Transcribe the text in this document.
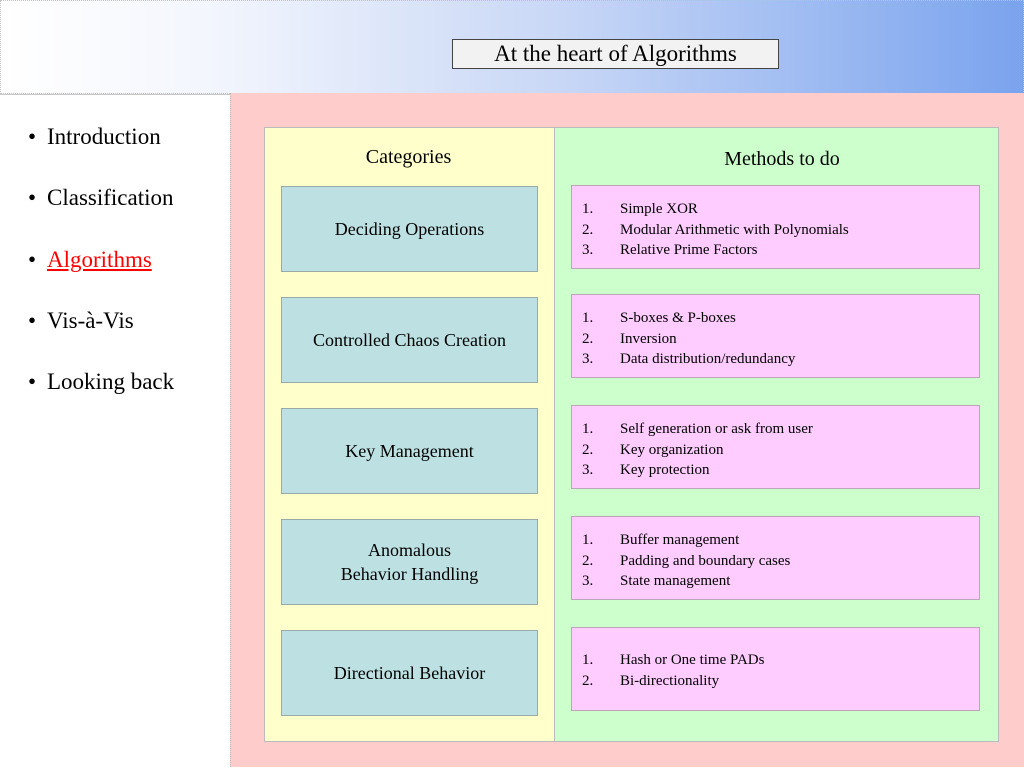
At the heart of Algorithms
• Introduction
• Classification
• Algorithms
• Vis-à-Vis
• Looking back
Categories	Methods to do
Deciding Operations
1.	Simple XOR
2.	Modular Arithmetic with Polynomials
3.	Relative Prime Factors
Controlled Chaos Creation
1.	S-boxes & P-boxes
2.	Inversion
3.	Data distribution/redundancy
Key Management
1.	Self generation or ask from user
2.	Key organization
3.	Key protection
Anomalous
Behavior Handling
1.	Buffer management
2.	Padding and boundary cases
3.	State management
Directional Behavior
1.	Hash or One time PADs
2.	Bi-directionality
